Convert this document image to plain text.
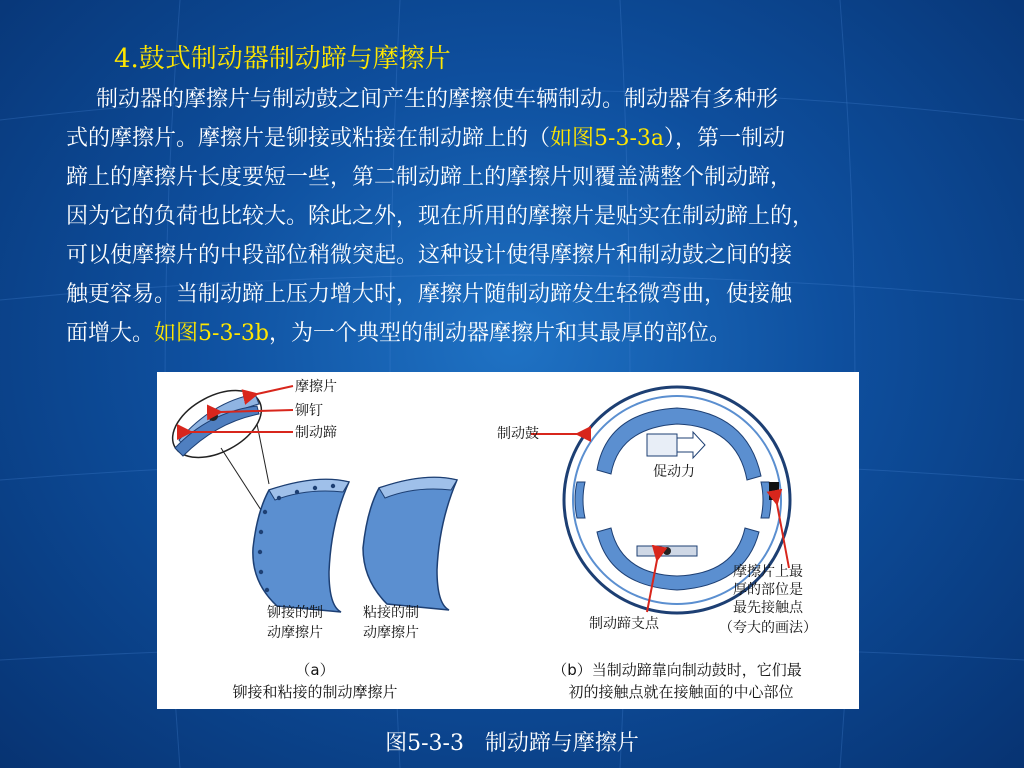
4.鼓式制动器制动蹄与摩擦片
制动器的摩擦片与制动鼓之间产生的摩擦使车辆制动。制动器有多种形
式的摩擦片。摩擦片是铆接或粘接在制动蹄上的（如图5-3-3a），第一制动
蹄上的摩擦片长度要短一些，第二制动蹄上的摩擦片则覆盖满整个制动蹄，
因为它的负荷也比较大。除此之外，现在所用的摩擦片是贴实在制动蹄上的，
可以使摩擦片的中段部位稍微突起。这种设计使得摩擦片和制动鼓之间的接
触更容易。当制动蹄上压力增大时，摩擦片随制动蹄发生轻微弯曲，使接触
面增大。如图5-3-3b，为一个典型的制动器摩擦片和其最厚的部位。
摩擦片
铆钉
制动蹄
铆接的制
动摩擦片
粘接的制
动摩擦片
（a）
铆接和粘接的制动摩擦片
制动鼓
促动力
制动蹄支点
摩擦片上最
厚的部位是
最先接触点
（夸大的画法）
（b）当制动蹄靠向制动鼓时，它们最
初的接触点就在接触面的中心部位
图5-3-3   制动蹄与摩擦片
